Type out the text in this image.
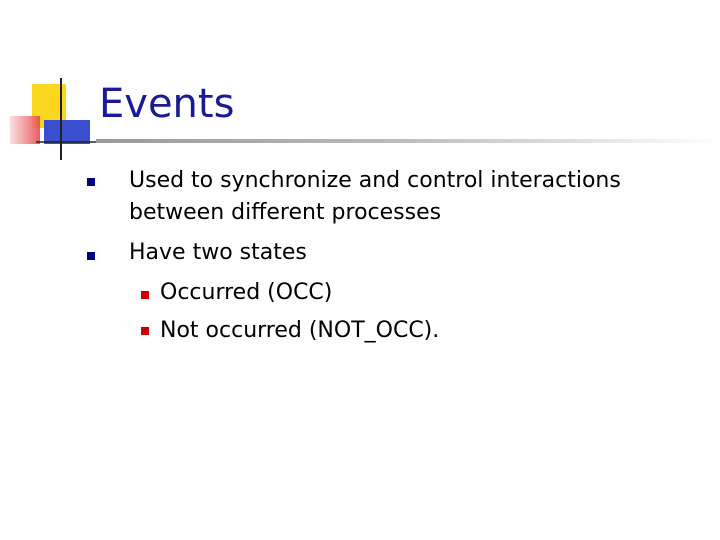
Events
Used to synchronize and control interactions
between different processes
Have two states
Occurred (OCC)
Not occurred (NOT_OCC).
